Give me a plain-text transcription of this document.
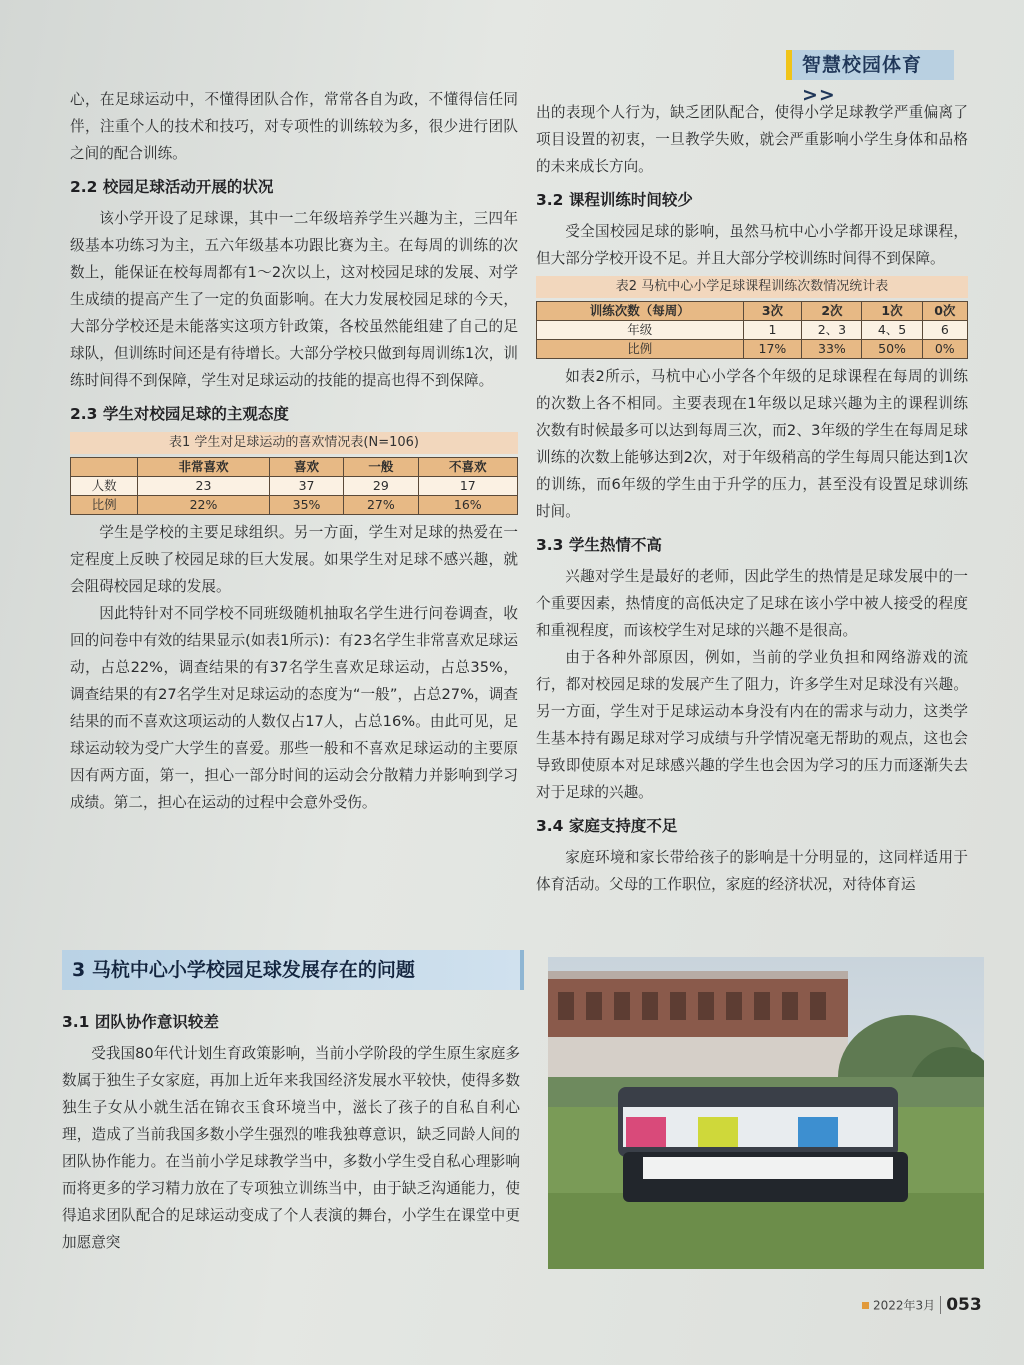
智慧校园体育 >>

心，在足球运动中，不懂得团队合作，常常各自为政，不懂得信任同伴，注重个人的技术和技巧，对专项性的训练较为多，很少进行团队之间的配合训练。

2.2 校园足球活动开展的状况

该小学开设了足球课，其中一二年级培养学生兴趣为主，三四年级基本功练习为主，五六年级基本功跟比赛为主。在每周的训练的次数上，能保证在校每周都有1～2次以上，这对校园足球的发展、对学生成绩的提高产生了一定的负面影响。在大力发展校园足球的今天，大部分学校还是未能落实这项方针政策，各校虽然能组建了自己的足球队，但训练时间还是有待增长。大部分学校只做到每周训练1次，训练时间得不到保障，学生对足球运动的技能的提高也得不到保障。

2.3 学生对校园足球的主观态度
表1 学生对足球运动的喜欢情况表(N=106)
	非常喜欢	喜欢	一般	不喜欢
人数	23	37	29	17
比例	22%	35%	27%	16%

学生是学校的主要足球组织。另一方面，学生对足球的热爱在一定程度上反映了校园足球的巨大发展。如果学生对足球不感兴趣，就会阻碍校园足球的发展。

因此特针对不同学校不同班级随机抽取名学生进行问卷调查，收回的问卷中有效的结果显示(如表1所示)：有23名学生非常喜欢足球运动，占总22%，调查结果的有37名学生喜欢足球运动，占总35%，调查结果的有27名学生对足球运动的态度为“一般”，占总27%，调查结果的而不喜欢这项运动的人数仅占17人，占总16%。由此可见，足球运动较为受广大学生的喜爱。那些一般和不喜欢足球运动的主要原因有两方面，第一，担心一部分时间的运动会分散精力并影响到学习成绩。第二，担心在运动的过程中会意外受伤。

3 马杭中心小学校园足球发展存在的问题
3.1 团队协作意识较差

受我国80年代计划生育政策影响，当前小学阶段的学生原生家庭多数属于独生子女家庭，再加上近年来我国经济发展水平较快，使得多数独生子女从小就生活在锦衣玉食环境当中，滋长了孩子的自私自利心理，造成了当前我国多数小学生强烈的唯我独尊意识，缺乏同龄人间的团队协作能力。在当前小学足球教学当中，多数小学生受自私心理影响而将更多的学习精力放在了专项独立训练当中，由于缺乏沟通能力，使得追求团队配合的足球运动变成了个人表演的舞台，小学生在课堂中更加愿意突

出的表现个人行为，缺乏团队配合，使得小学足球教学严重偏离了项目设置的初衷，一旦教学失败，就会严重影响小学生身体和品格的未来成长方向。

3.2 课程训练时间较少

受全国校园足球的影响，虽然马杭中心小学都开设足球课程，但大部分学校开设不足。并且大部分学校训练时间得不到保障。

表2 马杭中心小学足球课程训练次数情况统计表
训练次数（每周）	3次	2次	1次	0次
年级	1	2、3	4、5	6
比例	17%	33%	50%	0%

如表2所示，马杭中心小学各个年级的足球课程在每周的训练的次数上各不相同。主要表现在1年级以足球兴趣为主的课程训练次数有时候最多可以达到每周三次，而2、3年级的学生在每周足球训练的次数上能够达到2次，对于年级稍高的学生每周只能达到1次的训练，而6年级的学生由于升学的压力，甚至没有设置足球训练时间。

3.3 学生热情不高

兴趣对学生是最好的老师，因此学生的热情是足球发展中的一个重要因素，热情度的高低决定了足球在该小学中被人接受的程度和重视程度，而该校学生对足球的兴趣不是很高。

由于各种外部原因，例如，当前的学业负担和网络游戏的流行，都对校园足球的发展产生了阻力，许多学生对足球没有兴趣。另一方面，学生对于足球运动本身没有内在的需求与动力，这类学生基本持有踢足球对学习成绩与升学情况毫无帮助的观点，这也会导致即使原本对足球感兴趣的学生也会因为学习的压力而逐渐失去对于足球的兴趣。

3.4 家庭支持度不足

家庭环境和家长带给孩子的影响是十分明显的，这同样适用于体育活动。父母的工作职位，家庭的经济状况，对待体育运

2022年3月 053
